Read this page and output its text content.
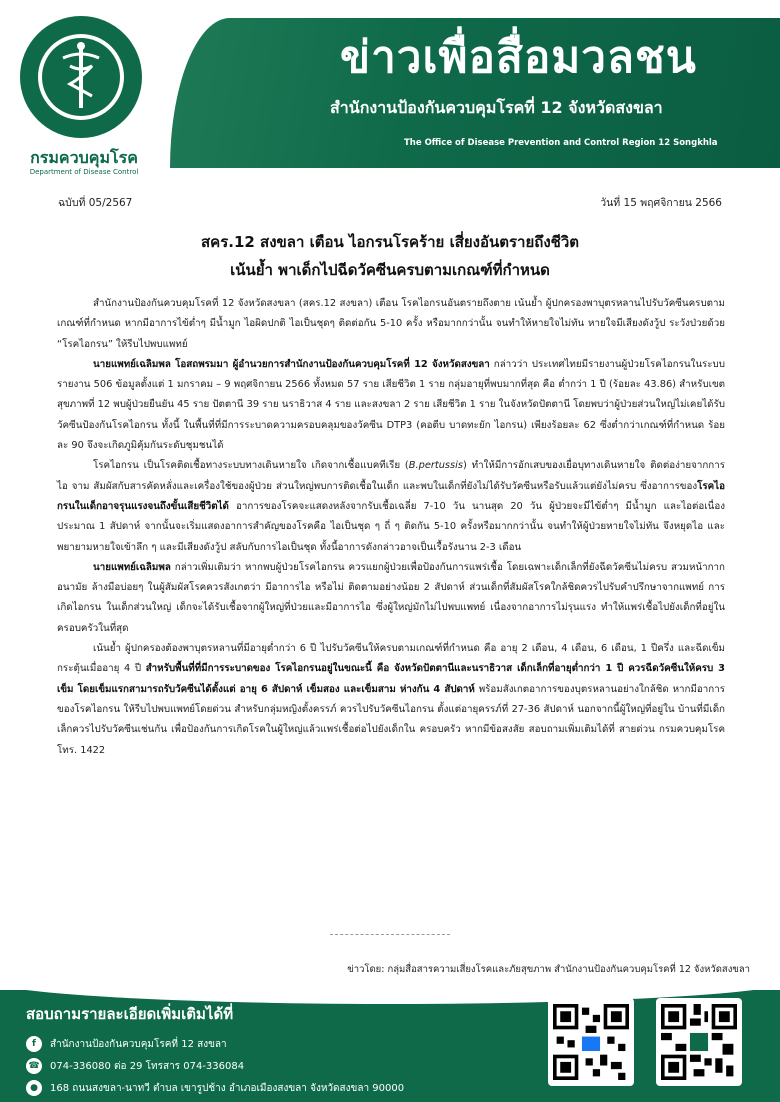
กรมควบคุมโรค
Department of Disease Control
ข่าวเพื่อสื่อมวลชน
สำนักงานป้องกันควบคุมโรคที่ 12 จังหวัดสงขลา
The Office of Disease Prevention and Control Region 12 Songkhla
ฉบับที่ 05/2567	วันที่ 15 พฤศจิกายน 2566
สคร.12 สงขลา เตือน ไอกรนโรคร้าย เสี่ยงอันตรายถึงชีวิต
เน้นย้ำ พาเด็กไปฉีดวัคซีนครบตามเกณฑ์ที่กำหนด

สำนักงานป้องกันควบคุมโรคที่ 12 จังหวัดสงขลา (สคร.12 สงขลา) เตือน โรคไอกรนอันตรายถึงตาย เน้นย้ำ ผู้ปกครองพาบุตรหลานไปรับวัคซีนครบตามเกณฑ์ที่กำหนด หากมีอาการไข้ต่ำๆ มีน้ำมูก ไอผิดปกติ ไอเป็นชุดๆ ติดต่อกัน 5-10 ครั้ง หรือมากกว่านั้น จนทำให้หายใจไม่ทัน หายใจมีเสียงดังวู้ป ระวังป่วยด้วย “โรคไอกรน” ให้รีบไปพบแพทย์

นายแพทย์เฉลิมพล โอสถพรมมา ผู้อำนวยการสำนักงานป้องกันควบคุมโรคที่ 12 จังหวัดสงขลา กล่าวว่า ประเทศไทยมีรายงานผู้ป่วยโรคไอกรนในระบบรายงาน 506 ข้อมูลตั้งแต่ 1 มกราคม – 9 พฤศจิกายน 2566 ทั้งหมด 57 ราย เสียชีวิต 1 ราย กลุ่มอายุที่พบมากที่สุด คือ ต่ำกว่า 1 ปี (ร้อยละ 43.86) สำหรับเขตสุขภาพที่ 12 พบผู้ป่วยยืนยัน 45 ราย ปัตตานี 39 ราย นราธิวาส 4 ราย และสงขลา 2 ราย เสียชีวิต 1 ราย ในจังหวัดปัตตานี โดยพบว่าผู้ป่วยส่วนใหญ่ไม่เคยได้รับวัคซีนป้องกันโรคไอกรน ทั้งนี้ ในพื้นที่ที่มีการระบาดความครอบคลุมของวัคซีน DTP3 (คอตีบ บาดทะยัก ไอกรน) เพียงร้อยละ 62 ซึ่งต่ำกว่าเกณฑ์ที่กำหนด ร้อยละ 90 จึงจะเกิดภูมิคุ้มกันระดับชุมชนได้

โรคไอกรน เป็นโรคติดเชื้อทางระบบทางเดินหายใจ เกิดจากเชื้อแบคทีเรีย (B.pertussis) ทำให้มีการอักเสบของเยื่อบุทางเดินหายใจ ติดต่อง่ายจากการไอ จาม สัมผัสกับสารคัดหลั่งและเครื่องใช้ของผู้ป่วย ส่วนใหญ่พบการติดเชื้อในเด็ก และพบในเด็กที่ยังไม่ได้รับวัคซีนหรือรับแล้วแต่ยังไม่ครบ ซึ่งอาการของโรคไอกรนในเด็กอาจรุนแรงจนถึงขั้นเสียชีวิตได้ อาการของโรคจะแสดงหลังจากรับเชื้อเฉลี่ย 7-10 วัน นานสุด 20 วัน ผู้ป่วยจะมีไข้ต่ำๆ มีน้ำมูก และไอต่อเนื่องประมาณ 1 สัปดาห์ จากนั้นจะเริ่มแสดงอาการสำคัญของโรคคือ ไอเป็นชุด ๆ ถี่ ๆ ติดกัน 5-10 ครั้งหรือมากกว่านั้น จนทำให้ผู้ป่วยหายใจไม่ทัน จึงหยุดไอ และพยายามหายใจเข้าลึก ๆ และมีเสียงดังวู้ป สลับกับการไอเป็นชุด ทั้งนี้อาการดังกล่าวอาจเป็นเรื้อรังนาน 2-3 เดือน

นายแพทย์เฉลิมพล กล่าวเพิ่มเติมว่า หากพบผู้ป่วยโรคไอกรน ควรแยกผู้ป่วยเพื่อป้องกันการแพร่เชื้อ โดยเฉพาะเด็กเล็กที่ยังฉีดวัคซีนไม่ครบ สวมหน้ากากอนามัย ล้างมือบ่อยๆ ในผู้สัมผัสโรคควรสังเกตว่า มีอาการไอ หรือไม่ ติดตามอย่างน้อย 2 สัปดาห์ ส่วนเด็กที่สัมผัสโรคใกล้ชิดควรไปรับคำปรึกษาจากแพทย์ การเกิดไอกรน ในเด็กส่วนใหญ่ เด็กจะได้รับเชื้อจากผู้ใหญ่ที่ป่วยและมีอาการไอ ซึ่งผู้ใหญ่มักไม่ไปพบแพทย์ เนื่องจากอาการไม่รุนแรง ทำให้แพร่เชื้อไปยังเด็กที่อยู่ในครอบครัวในที่สุด

เน้นย้ำ ผู้ปกครองต้องพาบุตรหลานที่มีอายุต่ำกว่า 6 ปี ไปรับวัคซีนให้ครบตามเกณฑ์ที่กำหนด คือ อายุ 2 เดือน, 4 เดือน, 6 เดือน, 1 ปีครึ่ง และฉีดเข็มกระตุ้นเมื่ออายุ 4 ปี สำหรับพื้นที่ที่มีการระบาดของ โรคไอกรนอยู่ในขณะนี้ คือ จังหวัดปัตตานีและนราธิวาส เด็กเล็กที่อายุต่ำกว่า 1 ปี ควรฉีดวัคซีนให้ครบ 3 เข็ม โดยเข็มแรกสามารถรับวัคซีนได้ตั้งแต่ อายุ 6 สัปดาห์ เข็มสอง และเข็มสาม ห่างกัน 4 สัปดาห์ พร้อมสังเกตอาการของบุตรหลานอย่างใกล้ชิด หากมีอาการของโรคไอกรน ให้รีบไปพบแพทย์โดยด่วน สำหรับกลุ่มหญิงตั้งครรภ์ ควรไปรับวัคซีนไอกรน ตั้งแต่อายุครรภ์ที่ 27-36 สัปดาห์ นอกจากนี้ผู้ใหญ่ที่อยู่ใน บ้านที่มีเด็กเล็กควรไปรับวัคซีนเช่นกัน เพื่อป้องกันการเกิดโรคในผู้ใหญ่แล้วแพร่เชื้อต่อไปยังเด็กใน ครอบครัว หากมีข้อสงสัย สอบถามเพิ่มเติมได้ที่ สายด่วน กรมควบคุมโรค โทร. 1422

ข่าวโดย: กลุ่มสื่อสารความเสี่ยงโรคและภัยสุขภาพ สำนักงานป้องกันควบคุมโรคที่ 12 จังหวัดสงขลา
สอบถามรายละเอียดเพิ่มเติมได้ที่
f	สำนักงานป้องกันควบคุมโรคที่ 12 สงขลา
☎ 074-336080 ต่อ 29 โทรสาร 074-336084
●	168 ถนนสงขลา-นาทวี ตำบล เขารูปช้าง อำเภอเมืองสงขลา จังหวัดสงขลา 90000
